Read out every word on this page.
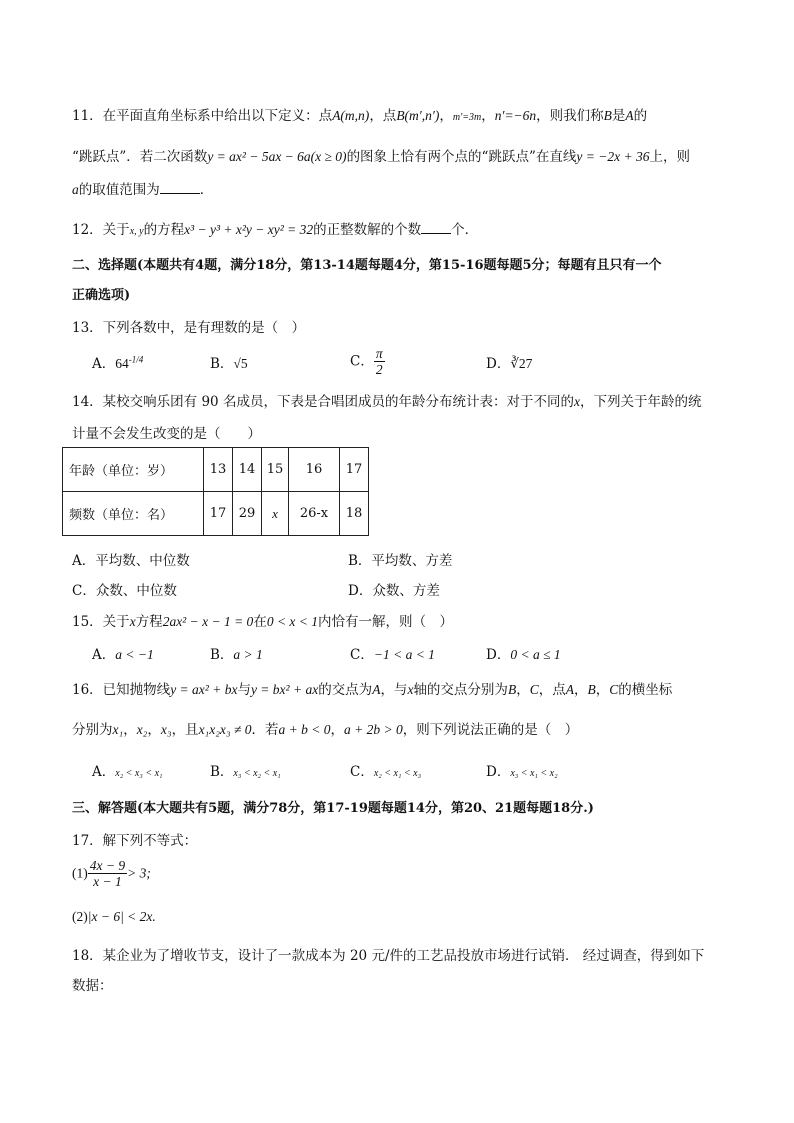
11．在平面直角坐标系中给出以下定义：点A(m,n)，点B(m′,n′)，m′=3m，n′=−6n，则我们称B是A的
“跳跃点”．若二次函数y = ax² − 5ax − 6a(x ≥ 0)的图象上恰有两个点的“跳跃点”在直线y = −2x + 36上，则
a的取值范围为	．
12．关于x, y的方程x³ − y³ + x²y − xy² = 32的正整数解的个数 个．
二、选择题(本题共有4题，满分18分，第13-14题每题4分，第15-16题每题5分；每题有且只有一个
正确选项)
13．下列各数中，是有理数的是（　）
A．$64^{-1/4}$	B．√5	C． $\frac{\pi}{2}$	D．∛27
14．某校交响乐团有 90 名成员，下表是合唱团成员的年龄分布统计表：对于不同的x，下列关于年龄的统
计量不会发生改变的是（　　）
年龄（单位：岁）	13	14	15	16	17
频数（单位：名）	17	29	x	26-x	18
A．平均数、中位数	B．平均数、方差
C．众数、中位数	D．众数、方差
15．关于x方程2ax² − x − 1 = 0在0 < x < 1内恰有一解，则（　）
A．a < −1	B．a > 1	C．−1 < a < 1	D．0 < a ≤ 1
16．已知抛物线y = ax² + bx与y = bx² + ax的交点为A，与x轴的交点分别为B，C，点A，B，C的横坐标
分别为x₁，x₂，x₃，且x₁x₂x₃ ≠ 0．若a + b < 0，a + 2b > 0，则下列说法正确的是（　）
A．x₂ < x₃ < x₁	B．x₃ < x₂ < x₁	C．x₂ < x₁ < x₃	D．x₃ < x₁ < x₂
三、解答题(本大题共有5题，满分78分，第17-19题每题14分，第20、21题每题18分.)
17．解下列不等式：
$(1) \frac{4x - 9}{x - 1} > 3$;
(2)|x − 6| < 2x.
18．某企业为了增收节支，设计了一款成本为 20 元/件的工艺品投放市场进行试销． 经过调查，得到如下
数据：
